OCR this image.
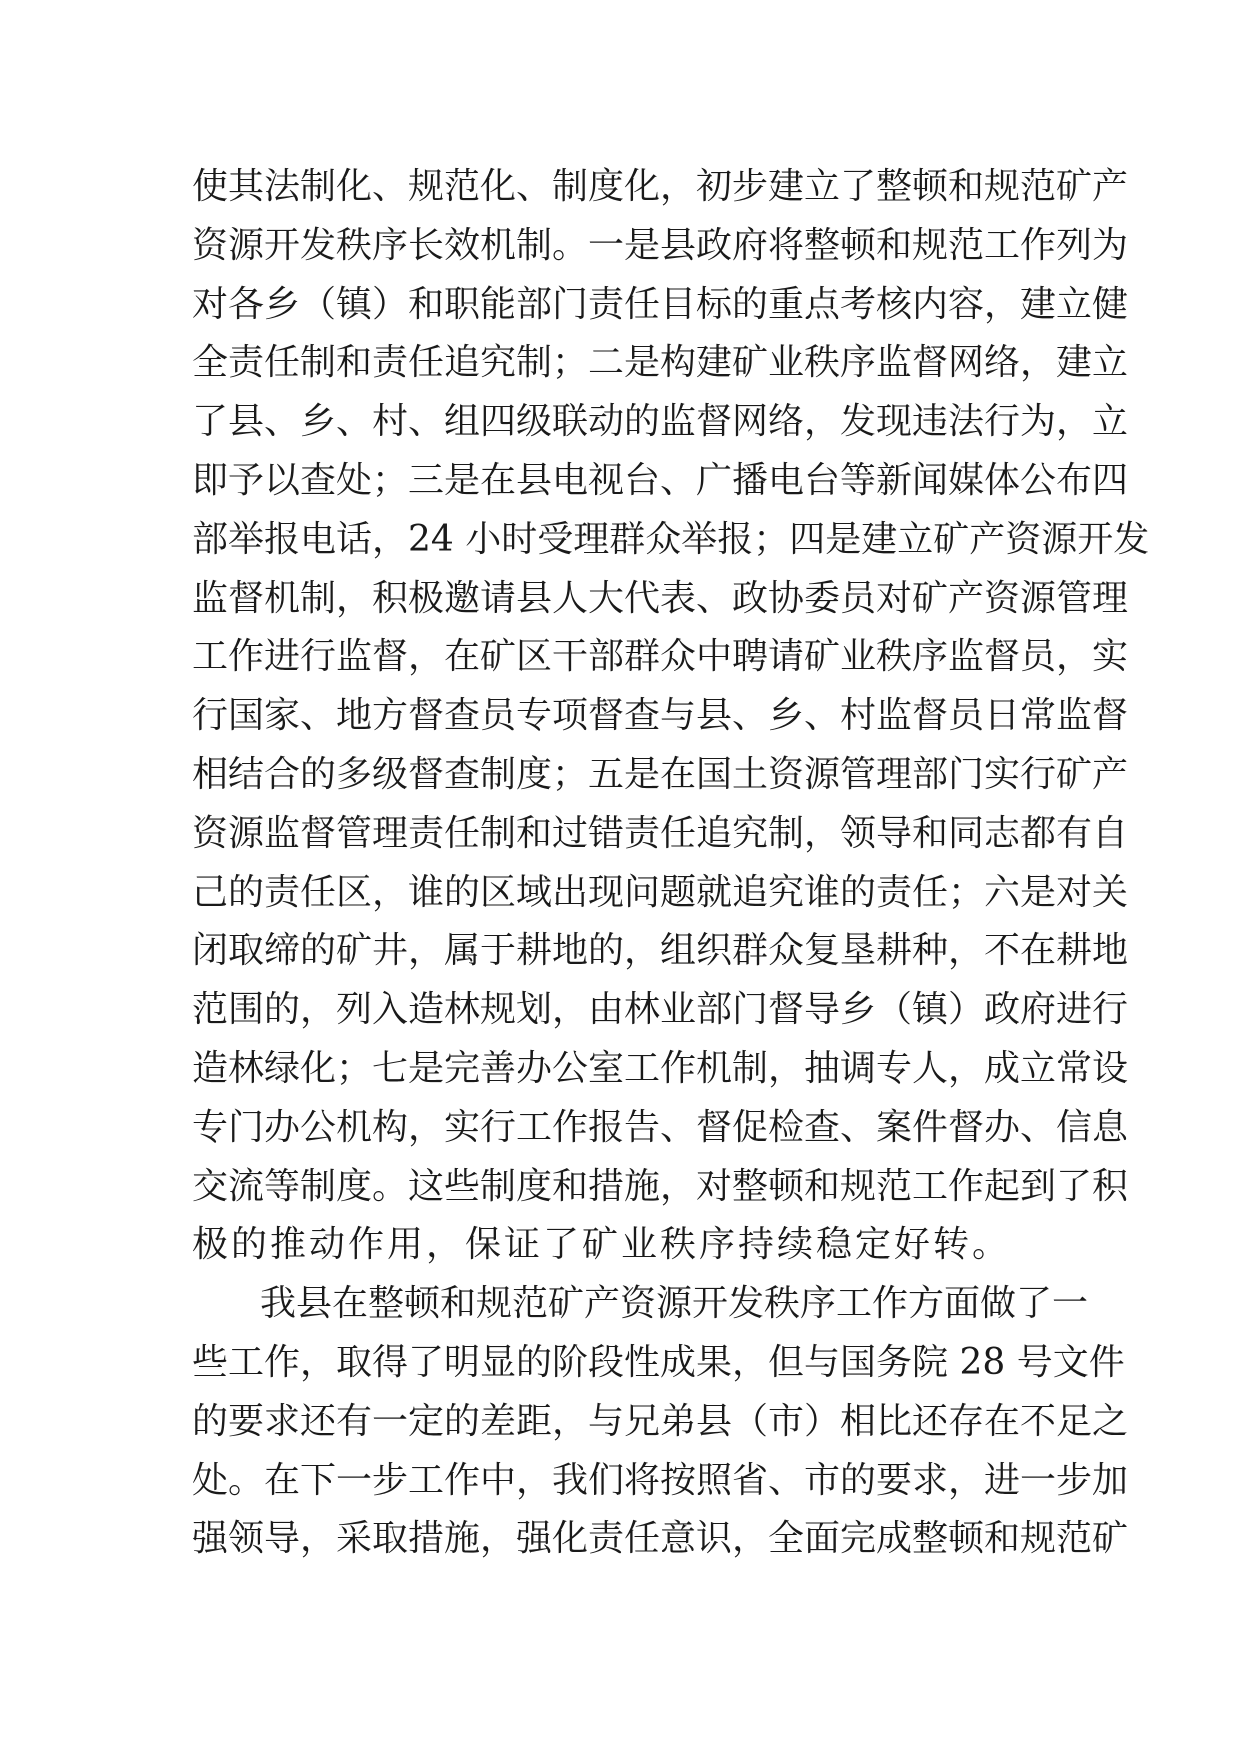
使其法制化、规范化、制度化，初步建立了整顿和规范矿产
资源开发秩序长效机制。一是县政府将整顿和规范工作列为
对各乡（镇）和职能部门责任目标的重点考核内容，建立健
全责任制和责任追究制；二是构建矿业秩序监督网络，建立
了县、乡、村、组四级联动的监督网络，发现违法行为，立
即予以查处；三是在县电视台、广播电台等新闻媒体公布四
部举报电话，24 小时受理群众举报；四是建立矿产资源开发
监督机制，积极邀请县人大代表、政协委员对矿产资源管理
工作进行监督，在矿区干部群众中聘请矿业秩序监督员，实
行国家、地方督查员专项督查与县、乡、村监督员日常监督
相结合的多级督查制度；五是在国土资源管理部门实行矿产
资源监督管理责任制和过错责任追究制，领导和同志都有自
己的责任区，谁的区域出现问题就追究谁的责任；六是对关
闭取缔的矿井，属于耕地的，组织群众复垦耕种，不在耕地
范围的，列入造林规划，由林业部门督导乡（镇）政府进行
造林绿化；七是完善办公室工作机制，抽调专人，成立常设
专门办公机构，实行工作报告、督促检查、案件督办、信息
交流等制度。这些制度和措施，对整顿和规范工作起到了积
极的推动作用，保证了矿业秩序持续稳定好转。
我县在整顿和规范矿产资源开发秩序工作方面做了一
些工作，取得了明显的阶段性成果，但与国务院 28 号文件
的要求还有一定的差距，与兄弟县（市）相比还存在不足之
处。在下一步工作中，我们将按照省、市的要求，进一步加
强领导，采取措施，强化责任意识，全面完成整顿和规范矿
